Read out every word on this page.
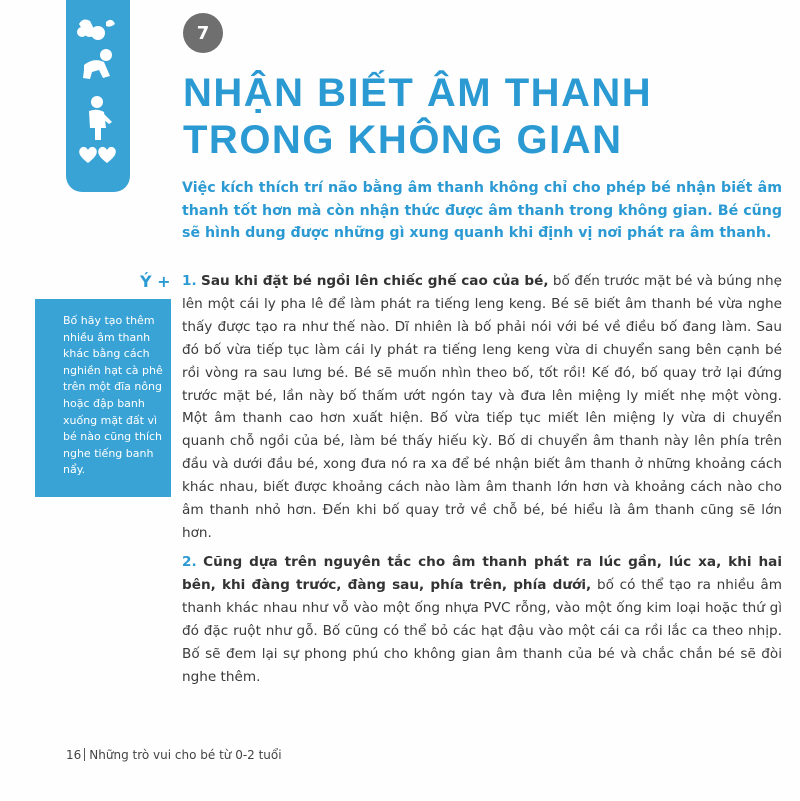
7
NHẬN BIẾT ÂM THANH
TRONG KHÔNG GIAN

Việc kích thích trí não bằng âm thanh không chỉ cho phép bé nhận biết âm thanh tốt hơn mà còn nhận thức được âm thanh trong không gian. Bé cũng sẽ hình dung được những gì xung quanh khi định vị nơi phát ra âm thanh.

Ý +
Bố hãy tạo thêm nhiều âm thanh khác bằng cách nghiền hạt cà phê trên một đĩa nông hoặc đập banh xuống mặt đất vì bé nào cũng thích nghe tiếng banh nẩy.

1. Sau khi đặt bé ngồi lên chiếc ghế cao của bé, bố đến trước mặt bé và búng nhẹ lên một cái ly pha lê để làm phát ra tiếng leng keng. Bé sẽ biết âm thanh bé vừa nghe thấy được tạo ra như thế nào. Dĩ nhiên là bố phải nói với bé về điều bố đang làm. Sau đó bố vừa tiếp tục làm cái ly phát ra tiếng leng keng vừa di chuyển sang bên cạnh bé rồi vòng ra sau lưng bé. Bé sẽ muốn nhìn theo bố, tốt rồi! Kế đó, bố quay trở lại đứng trước mặt bé, lần này bố thấm ướt ngón tay và đưa lên miệng ly miết nhẹ một vòng. Một âm thanh cao hơn xuất hiện. Bố vừa tiếp tục miết lên miệng ly vừa di chuyển quanh chỗ ngồi của bé, làm bé thấy hiếu kỳ. Bố di chuyển âm thanh này lên phía trên đầu và dưới đầu bé, xong đưa nó ra xa để bé nhận biết âm thanh ở những khoảng cách khác nhau, biết được khoảng cách nào làm âm thanh lớn hơn và khoảng cách nào cho âm thanh nhỏ hơn. Đến khi bố quay trở về chỗ bé, bé hiểu là âm thanh cũng sẽ lớn hơn.

2. Cũng dựa trên nguyên tắc cho âm thanh phát ra lúc gần, lúc xa, khi hai bên, khi đàng trước, đàng sau, phía trên, phía dưới, bố có thể tạo ra nhiều âm thanh khác nhau như vỗ vào một ống nhựa PVC rỗng, vào một ống kim loại hoặc thứ gì đó đặc ruột như gỗ. Bố cũng có thể bỏ các hạt đậu vào một cái ca rồi lắc ca theo nhịp. Bố sẽ đem lại sự phong phú cho không gian âm thanh của bé và chắc chắn bé sẽ đòi nghe thêm.

16 Những trò vui cho bé từ 0-2 tuổi
